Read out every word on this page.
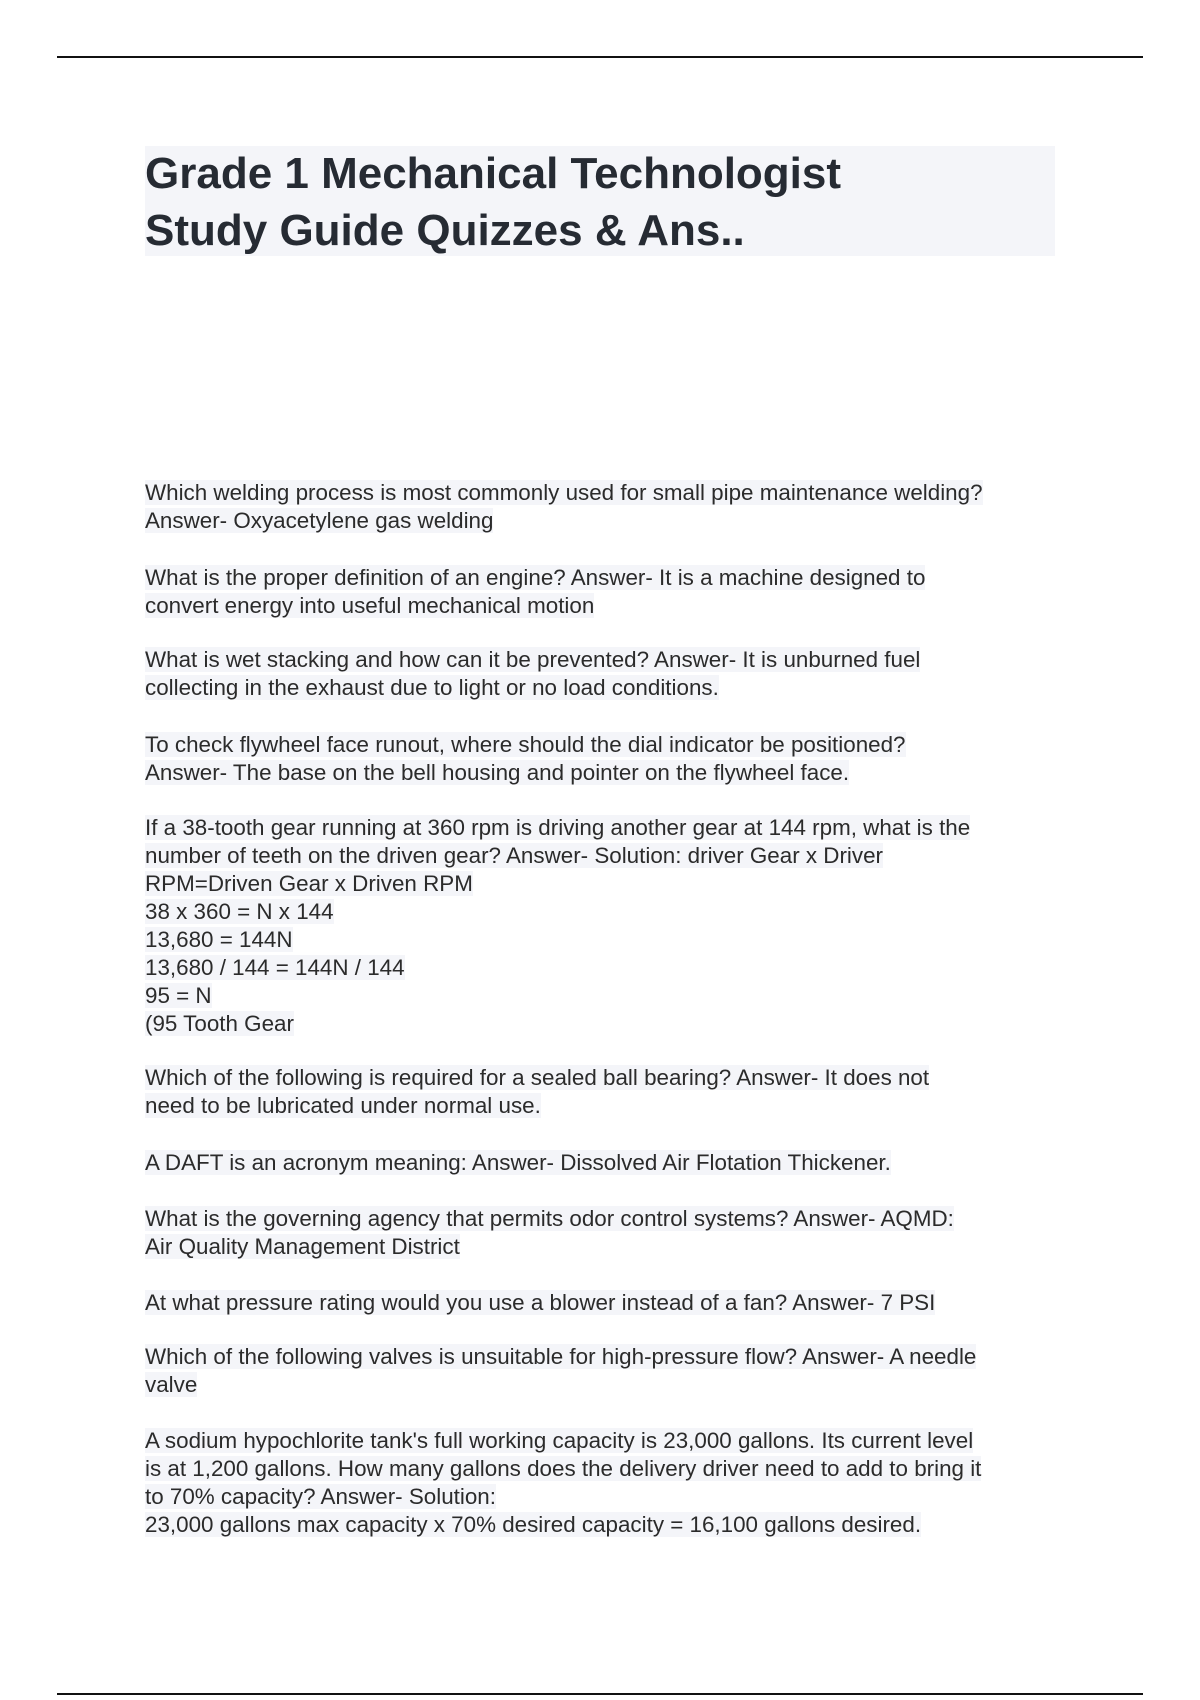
Grade 1 Mechanical Technologist
Study Guide Quizzes & Ans..

Which welding process is most commonly used for small pipe maintenance welding?

Answer- Oxyacetylene gas welding

What is the proper definition of an engine? Answer- It is a machine designed to

convert energy into useful mechanical motion

What is wet stacking and how can it be prevented? Answer- It is unburned fuel

collecting in the exhaust due to light or no load conditions.

To check flywheel face runout, where should the dial indicator be positioned?

Answer- The base on the bell housing and pointer on the flywheel face.

If a 38-tooth gear running at 360 rpm is driving another gear at 144 rpm, what is the

number of teeth on the driven gear? Answer- Solution: driver Gear x Driver

RPM=Driven Gear x Driven RPM

38 x 360 = N x 144

13,680 = 144N

13,680 / 144 = 144N / 144

95 = N

(95 Tooth Gear

Which of the following is required for a sealed ball bearing? Answer- It does not

need to be lubricated under normal use.

A DAFT is an acronym meaning: Answer- Dissolved Air Flotation Thickener.

What is the governing agency that permits odor control systems? Answer- AQMD:

Air Quality Management District

At what pressure rating would you use a blower instead of a fan? Answer- 7 PSI

Which of the following valves is unsuitable for high-pressure flow? Answer- A needle

valve

A sodium hypochlorite tank's full working capacity is 23,000 gallons. Its current level

is at 1,200 gallons. How many gallons does the delivery driver need to add to bring it

to 70% capacity? Answer- Solution:

23,000 gallons max capacity x 70% desired capacity = 16,100 gallons desired.
